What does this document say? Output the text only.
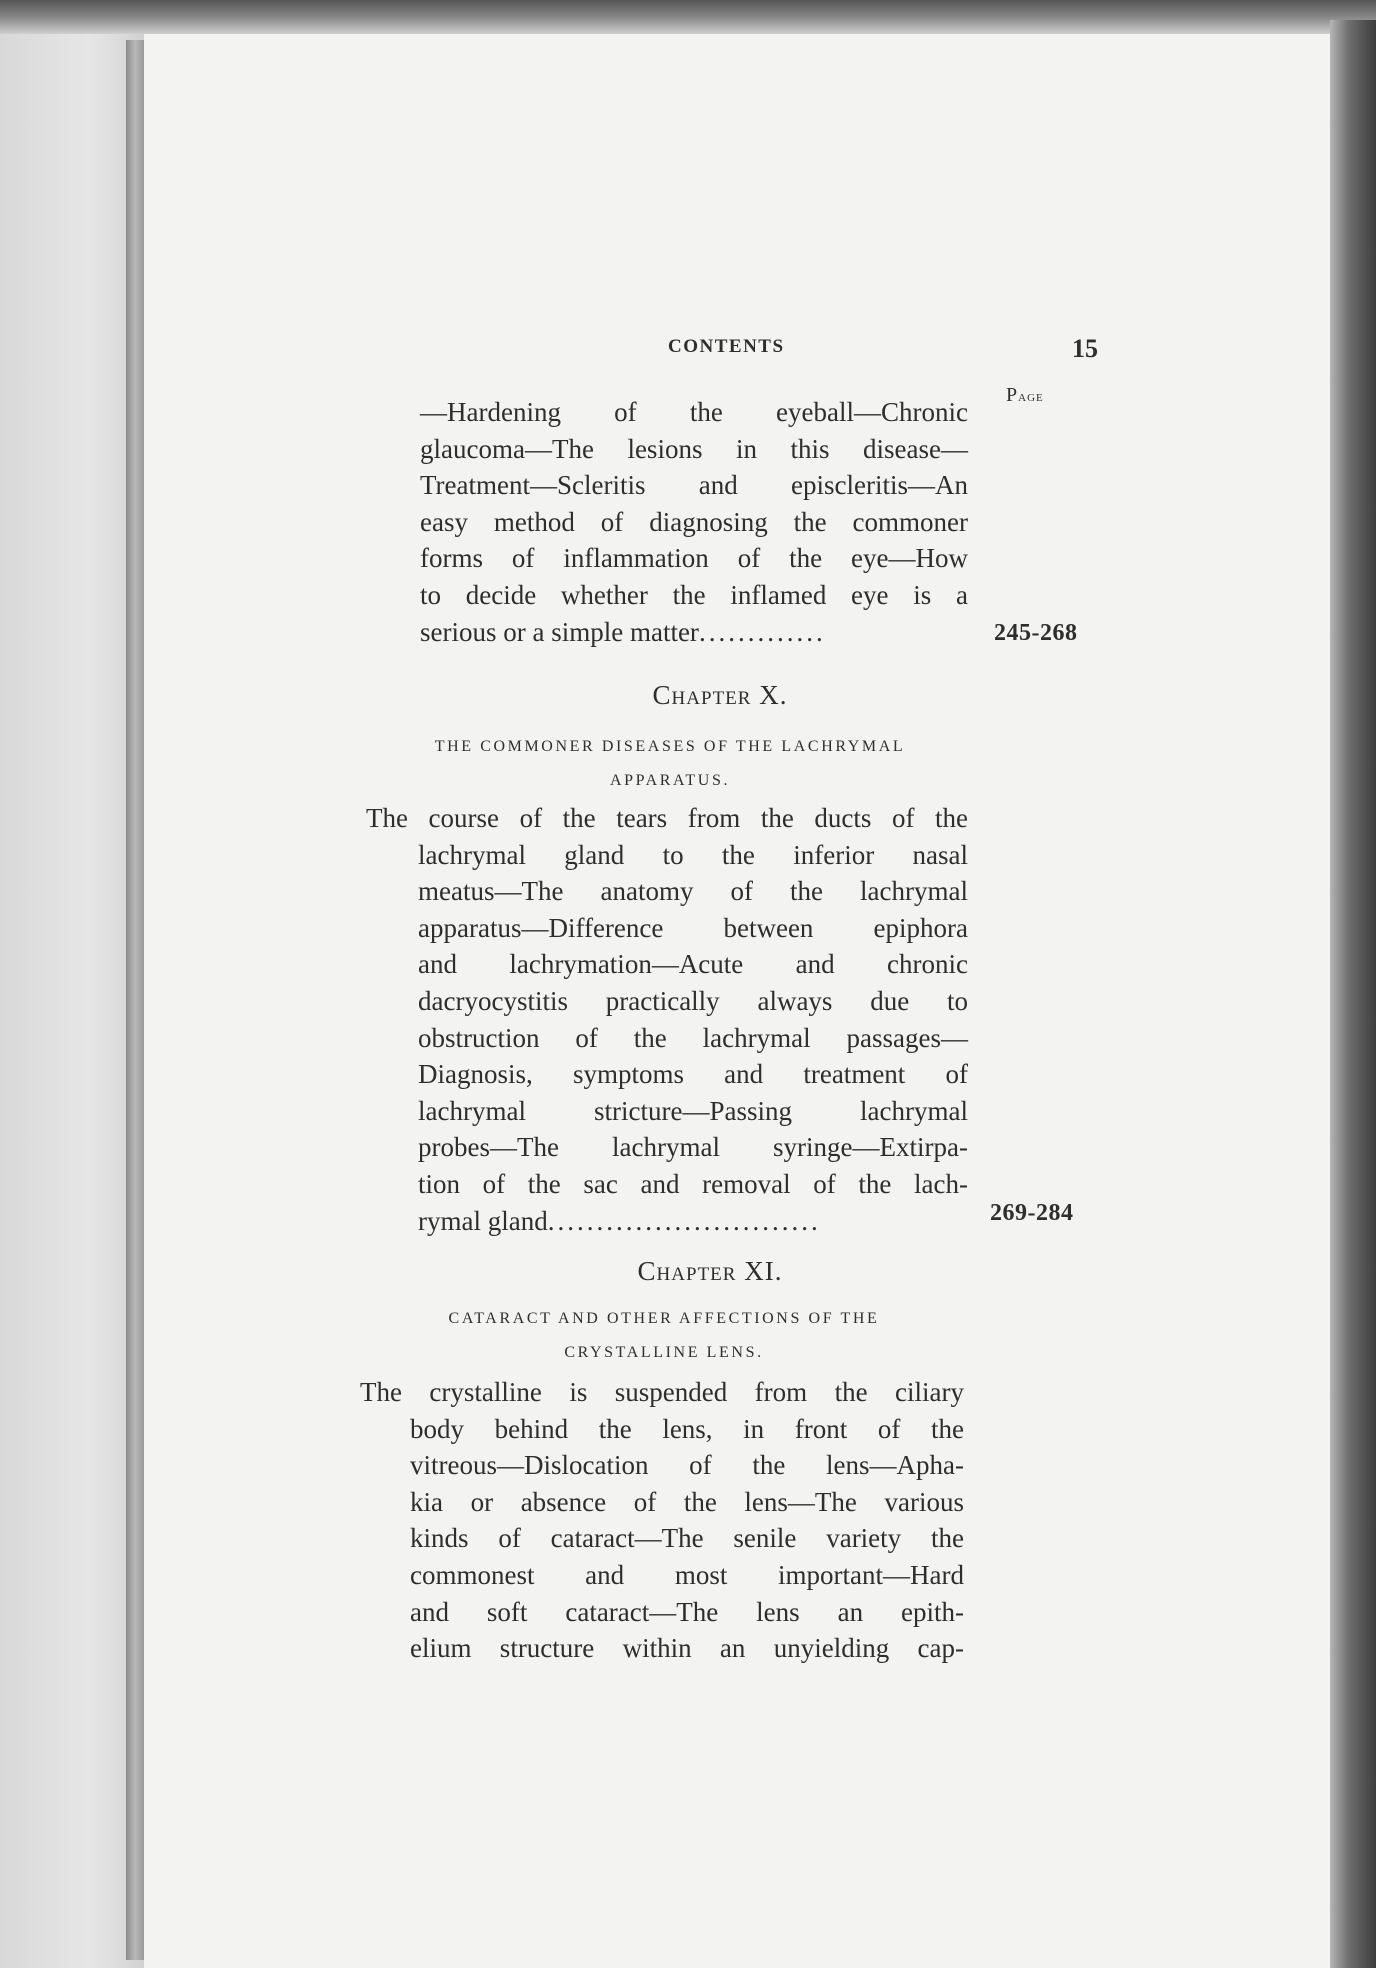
CONTENTS	15
Page

—Hardening of the eyeball—Chronic

glaucoma—The lesions in this disease—

Treatment—Scleritis and episcleritis—An

easy method of diagnosing the commoner

forms of inflammation of the eye—How

to decide whether the inflamed eye is a

serious or a simple matter.............	245-268
Chapter X.
THE COMMONER DISEASES OF THE LACHRYMAL
APPARATUS.

The course of the tears from the ducts of the

lachrymal gland to the inferior nasal

meatus—The anatomy of the lachrymal

apparatus—Difference between epiphora

and lachrymation—Acute and chronic

dacryocystitis practically always due to

obstruction of the lachrymal passages—

Diagnosis, symptoms and treatment of

lachrymal stricture—Passing lachrymal

probes—The lachrymal syringe—Extirpa-

tion of the sac and removal of the lach-

rymal gland............................	269-284
Chapter XI.
CATARACT AND OTHER AFFECTIONS OF THE
CRYSTALLINE LENS.

The crystalline is suspended from the ciliary

body behind the lens, in front of the

vitreous—Dislocation of the lens—Apha-

kia or absence of the lens—The various

kinds of cataract—The senile variety the

commonest and most important—Hard

and soft cataract—The lens an epith-

elium structure within an unyielding cap-
